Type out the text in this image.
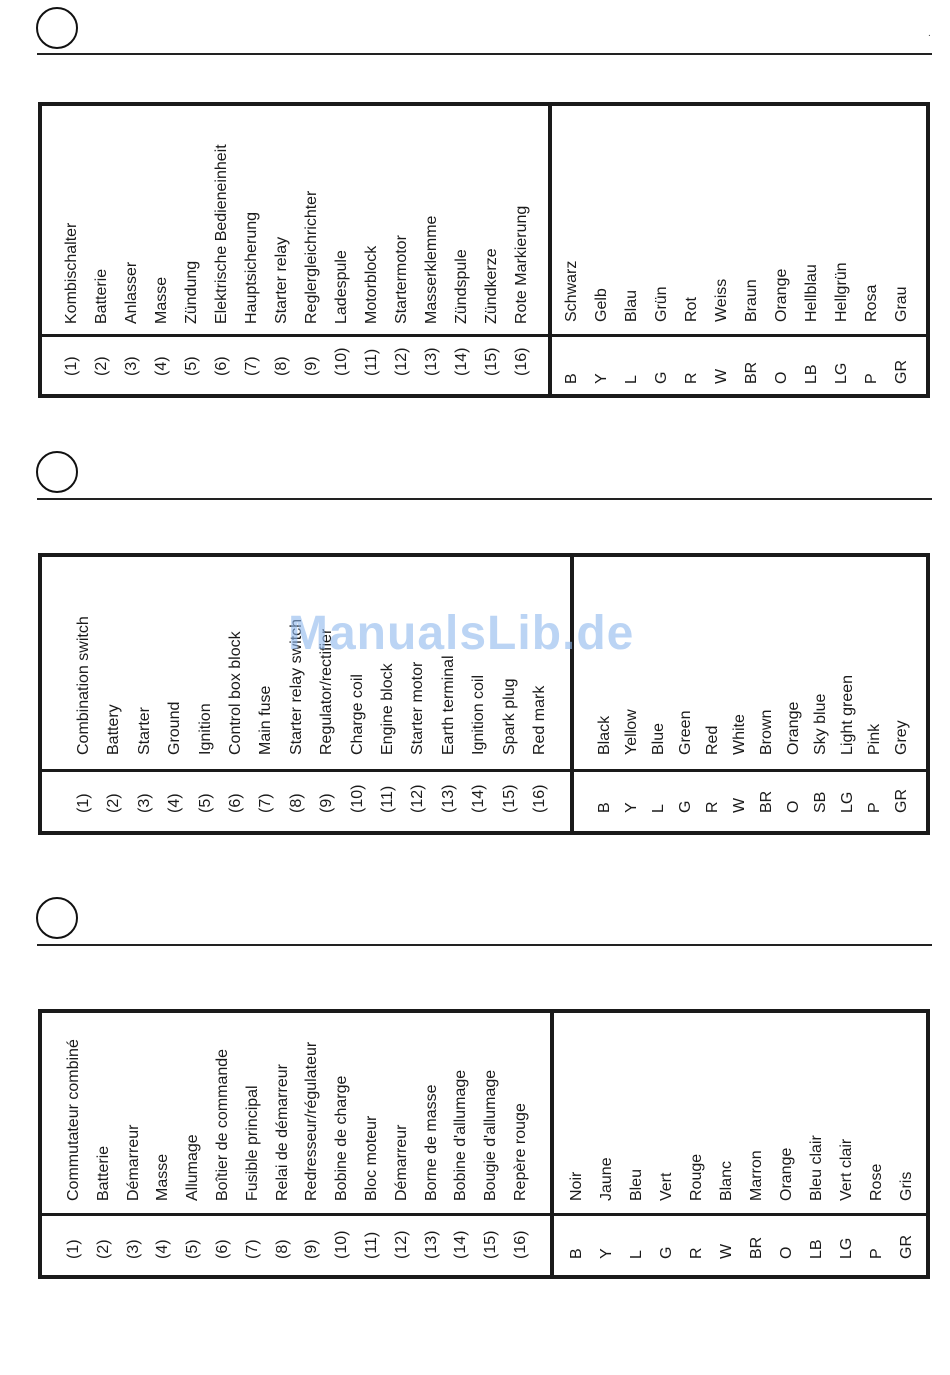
.
(1)
Kombischalter
(2)
Batterie
(3)
Anlasser
(4)
Masse
(5)
Zündung
(6)
Elektrische Bedieneinheit
(7)
Hauptsicherung
(8)
Starter relay
(9)
Reglergleichrichter
(10)
Ladespule
(11)
Motorblock
(12)
Startermotor
(13)
Masserklemme
(14)
Zündspule
(15)
Zündkerze
(16)
Rote Markierung
B
Schwarz
Y
Gelb
L
Blau
G
Grün
R
Rot
W
Weiss
BR
Braun
O
Orange
LB
Hellblau
LG
Hellgrün
P
Rosa
GR
Grau
(1)
Combination switch
(2)
Battery
(3)
Starter
(4)
Ground
(5)
Ignition
(6)
Control box block
(7)
Main fuse
(8)
Starter relay switch
(9)
Regulator/rectifier
(10)
Charge coil
(11)
Engine block
(12)
Starter motor
(13)
Earth terminal
(14)
Ignition coil
(15)
Spark plug
(16)
Red mark
B
Black
Y
Yellow
L
Blue
G
Green
R
Red
W
White
BR
Brown
O
Orange
SB
Sky blue
LG
Light green
P
Pink
GR
Grey
(1)
Commutateur combiné
(2)
Batterie
(3)
Démarreur
(4)
Masse
(5)
Allumage
(6)
Boîtier de commande
(7)
Fusible principal
(8)
Relai de démarreur
(9)
Redresseur/régulateur
(10)
Bobine de charge
(11)
Bloc moteur
(12)
Démarreur
(13)
Borne de masse
(14)
Bobine d'allumage
(15)
Bougie d'allumage
(16)
Repère rouge
B
Noir
Y
Jaune
L
Bleu
G
Vert
R
Rouge
W
Blanc
BR
Marron
O
Orange
LB
Bleu clair
LG
Vert clair
P
Rose
GR
Gris
ManualsLib.de
